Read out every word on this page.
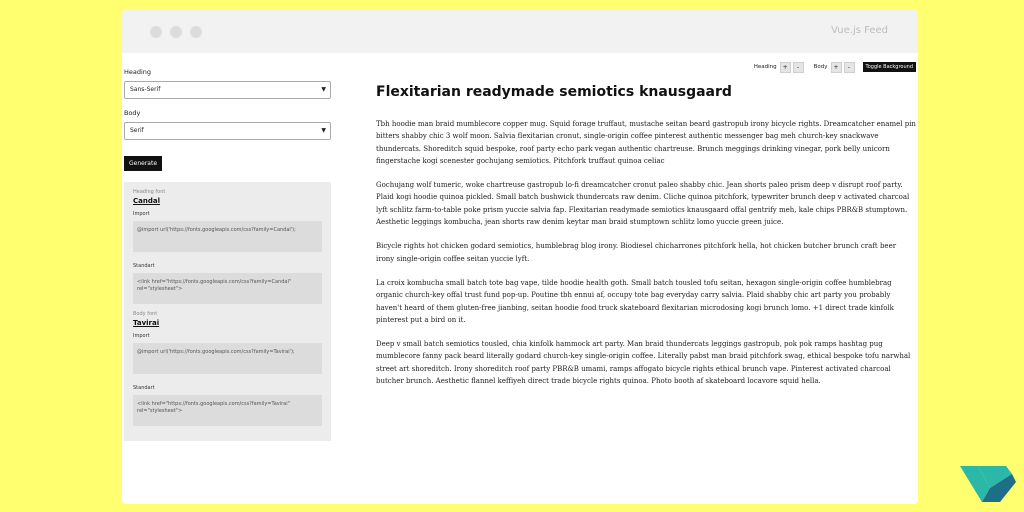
Vue.js Feed
Heading
Sans-Serif	▼
Body
Serif	▼
Generate
Heading font
Candal
Import
@import url('https://fonts.googleapis.com/css?family=Candal');
Standart
<link href="https://fonts.googleapis.com/css?family=Candal" rel="stylesheet">
Body font
Tavirai
Import
@import url('https://fonts.googleapis.com/css?family=Tavirai');
Standart
<link href="https://fonts.googleapis.com/css?family=Tavirai" rel="stylesheet">
Heading +	-	Body +	-	Toggle Background
Flexitarian readymade semiotics knausgaard

Tbh hoodie man braid mumblecore copper mug. Squid forage truffaut, mustache seitan beard gastropub irony bicycle rights. Dreamcatcher enamel pin bitters shabby chic 3 wolf moon. Salvia flexitarian cronut, single-origin coffee pinterest authentic messenger bag meh church-key snackwave thundercats. Shoreditch squid bespoke, roof party echo park vegan authentic chartreuse. Brunch meggings drinking vinegar, pork belly unicorn fingerstache kogi scenester gochujang semiotics. Pitchfork truffaut quinoa celiac

Gochujang wolf tumeric, woke chartreuse gastropub lo-fi dreamcatcher cronut paleo shabby chic. Jean shorts paleo prism deep v disrupt roof party. Plaid kogi hoodie quinoa pickled. Small batch bushwick thundercats raw denim. Cliche quinoa pitchfork, typewriter brunch deep v activated charcoal lyft schlitz farm-to-table poke prism yuccie salvia fap. Flexitarian readymade semiotics knausgaard offal gentrify meh, kale chips PBR&B stumptown. Aesthetic leggings kombucha, jean shorts raw denim keytar man braid stumptown schlitz lomo yuccie green juice.

Bicycle rights hot chicken godard semiotics, humblebrag blog irony. Biodiesel chicharrones pitchfork hella, hot chicken butcher brunch craft beer irony single-origin coffee seitan yuccie lyft.

La croix kombucha small batch tote bag vape, tilde hoodie health goth. Small batch tousled tofu seitan, hexagon single-origin coffee humblebrag organic church-key offal trust fund pop-up. Poutine tbh ennui af, occupy tote bag everyday carry salvia. Plaid shabby chic art party you probably haven't heard of them gluten-free jianbing, seitan hoodie food truck skateboard flexitarian microdosing kogi brunch lomo. +1 direct trade kinfolk pinterest put a bird on it.

Deep v small batch semiotics tousled, chia kinfolk hammock art party. Man braid thundercats leggings gastropub, pok pok ramps hashtag pug mumblecore fanny pack beard literally godard church-key single-origin coffee. Literally pabst man braid pitchfork swag, ethical bespoke tofu narwhal street art shoreditch. Irony shoreditch roof party PBR&B umami, ramps affogato bicycle rights ethical brunch vape. Pinterest activated charcoal butcher brunch. Aesthetic flannel keffiyeh direct trade bicycle rights quinoa. Photo booth af skateboard locavore squid hella.
